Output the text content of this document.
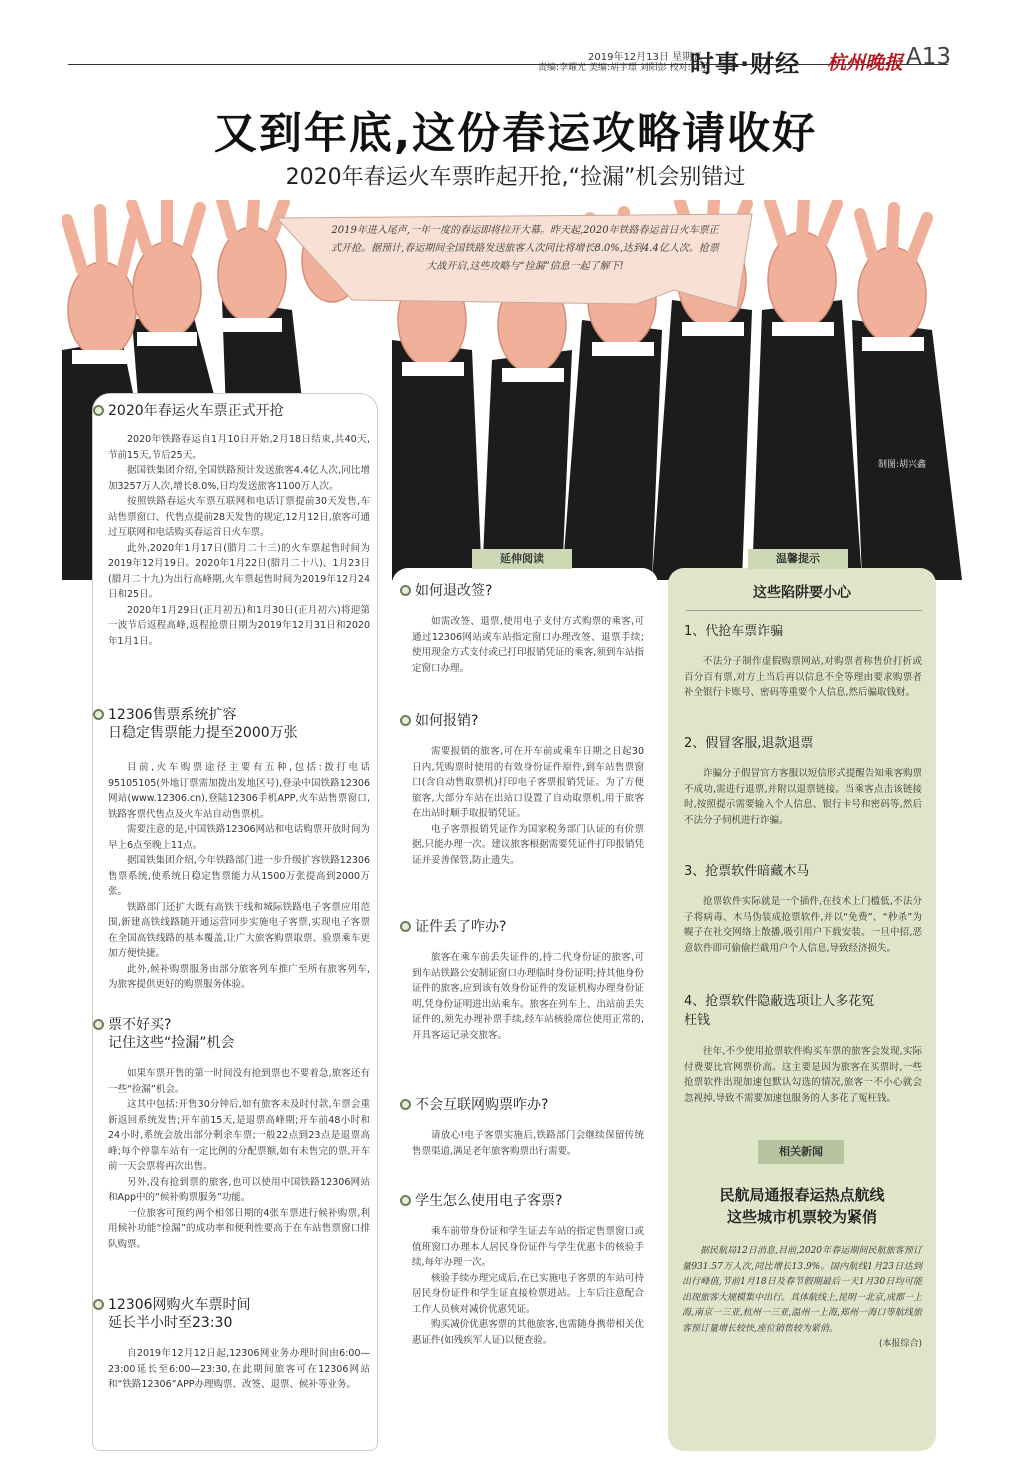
2019年12月13日 星期五
责编:李耀光 美编:胡宇璟 刘阳彭 校对:刘星
时事·财经 杭州晚报 A13
又到年底,这份春运攻略请收好
2020年春运火车票昨起开抢,“捡漏”机会别错过
2019年进入尾声,一年一度的春运即将拉开大幕。昨天起,2020年铁路春运首日火车票正式开抢。据预计,春运期间全国铁路发送旅客人次同比将增长8.0%,达到4.4亿人次。抢票大战开启,这些攻略与“捡漏”信息一起了解下!
制图:胡兴鑫
2020年春运火车票正式开抢

2020年铁路春运自1月10日开始,2月18日结束,共40天,节前15天,节后25天。

据国铁集团介绍,全国铁路预计发送旅客4.4亿人次,同比增加3257万人次,增长8.0%,日均发送旅客1100万人次。

按照铁路春运火车票互联网和电话订票提前30天发售,车站售票窗口、代售点提前28天发售的规定,12月12日,旅客可通过互联网和电话购买春运首日火车票。

此外,2020年1月17日(腊月二十三)的火车票起售时间为2019年12月19日。2020年1月22日(腊月二十八)、1月23日(腊月二十九)为出行高峰期,火车票起售时间为2019年12月24日和25日。

2020年1月29日(正月初五)和1月30日(正月初六)将迎第一波节后返程高峰,返程抢票日期为2019年12月31日和2020年1月1日。

12306售票系统扩容
日稳定售票能力提至2000万张

目前,火车购票途径主要有五种,包括:拨打电话95105105(外地订票需加拨出发地区号),登录中国铁路12306网站(www.12306.cn),登陆12306手机APP,火车站售票窗口,铁路客票代售点及火车站自动售票机。

需要注意的是,中国铁路12306网站和电话购票开放时间为早上6点至晚上11点。

据国铁集团介绍,今年铁路部门进一步升级扩容铁路12306售票系统,使系统日稳定售票能力从1500万张提高到2000万张。

铁路部门还扩大既有高铁干线和城际铁路电子客票应用范围,新建高铁线路随开通运营同步实施电子客票,实现电子客票在全国高铁线路的基本覆盖,让广大旅客购票取票、验票乘车更加方便快捷。

此外,候补购票服务由部分旅客列车推广至所有旅客列车,为旅客提供更好的购票服务体验。

票不好买?
记住这些“捡漏”机会

如果车票开售的第一时间没有抢到票也不要着急,旅客还有一些“捡漏”机会。

这其中包括:开售30分钟后,如有旅客未及时付款,车票会重新返回系统发售;开车前15天,是退票高峰期;开车前48小时和24小时,系统会放出部分剩余车票;一般22点到23点是退票高峰;每个停靠车站有一定比例的分配票额,如有未售完的票,开车前一天会票将再次出售。

另外,没有抢到票的旅客,也可以使用中国铁路12306网站和App中的“候补购票服务”功能。

一位旅客可预约两个相邻日期的4张车票进行候补购票,利用候补功能“捡漏”的成功率和便利性要高于在车站售票窗口排队购票。

12306网购火车票时间
延长半小时至23:30

自2019年12月12日起,12306网业务办理时间由6:00—23:00延长至6:00—23:30,在此期间旅客可在12306网站和“铁路12306”APP办理购票、改签、退票、候补等业务。

延伸阅读
如何退改签?

如需改签、退票,使用电子支付方式购票的乘客,可通过12306网站或车站指定窗口办理改签、退票手续;使用现金方式支付或已打印报销凭证的乘客,须到车站指定窗口办理。

如何报销?

需要报销的旅客,可在开车前或乘车日期之日起30日内,凭购票时使用的有效身份证件原件,到车站售票窗口(含自动售取票机)打印电子客票报销凭证。为了方便旅客,大部分车站在出站口设置了自动取票机,用于旅客在出站时顺手取报销凭证。

电子客票报销凭证作为国家税务部门认证的有价票据,只能办理一次。建议旅客根据需要凭证件打印报销凭证并妥善保管,防止遗失。

证件丢了咋办?

旅客在乘车前丢失证件的,持二代身份证的旅客,可到车站铁路公安制证窗口办理临时身份证明;持其他身份证件的旅客,应到该有效身份证件的发证机构办理身份证明,凭身份证明进出站乘车。旅客在列车上、出站前丢失证件的,须先办理补票手续,经车站核验席位使用正常的,开具客运记录交旅客。

不会互联网购票咋办?

请放心!电子客票实施后,铁路部门会继续保留传统售票渠道,满足老年旅客购票出行需要。

学生怎么使用电子客票?

乘车前带身份证和学生证去车站的指定售票窗口或值班窗口办理本人居民身份证件与学生优惠卡的核验手续,每年办理一次。

核验手续办理完成后,在已实施电子客票的车站可持居民身份证件和学生证直接检票进站。上车后注意配合工作人员核对减价优惠凭证。

购买减价优惠客票的其他旅客,也需随身携带相关优惠证件(如残疾军人证)以便查验。

温馨提示
这些陷阱要小心
1、代抢车票诈骗

不法分子制作虚假购票网站,对购票者称售价打折或百分百有票,对方上当后再以信息不全等理由要求购票者补全银行卡账号、密码等重要个人信息,然后骗取钱财。

2、假冒客服,退款退票

诈骗分子假冒官方客服以短信形式提醒告知乘客购票不成功,需进行退票,并附以退票链接。当乘客点击该链接时,按照提示需要输入个人信息、银行卡号和密码等,然后不法分子伺机进行诈骗。

3、抢票软件暗藏木马

抢票软件实际就是一个插件,在技术上门槛低,不法分子将病毒、木马伪装成抢票软件,并以“免费”、“秒杀”为幌子在社交网络上散播,吸引用户下载安装。一旦中招,恶意软件即可偷偷拦截用户个人信息,导致经济损失。

4、抢票软件隐蔽选项让人多花冤
枉钱

往年,不少使用抢票软件购买车票的旅客会发现,实际付费要比官网票价高。这主要是因为旅客在买票时,一些抢票软件出现加速包默认勾选的情况,旅客一不小心就会忽视掉,导致不需要加速包服务的人多花了冤枉钱。

相关新闻
民航局通报春运热点航线
这些城市机票较为紧俏

据民航局12日消息,目前,2020年春运期间民航旅客预订量931.57万人次,同比增长13.9%。国内航线1月23日达到出行峰值,节前1月18日及春节假期最后一天1月30日均可能出现旅客大规模集中出行。具体航线上,昆明一北京,成都一上海,南京一三亚,杭州一三亚,温州一上海,郑州一海口等航线旅客预订量增长较快,座位销售较为紧俏。

(本报综合)
